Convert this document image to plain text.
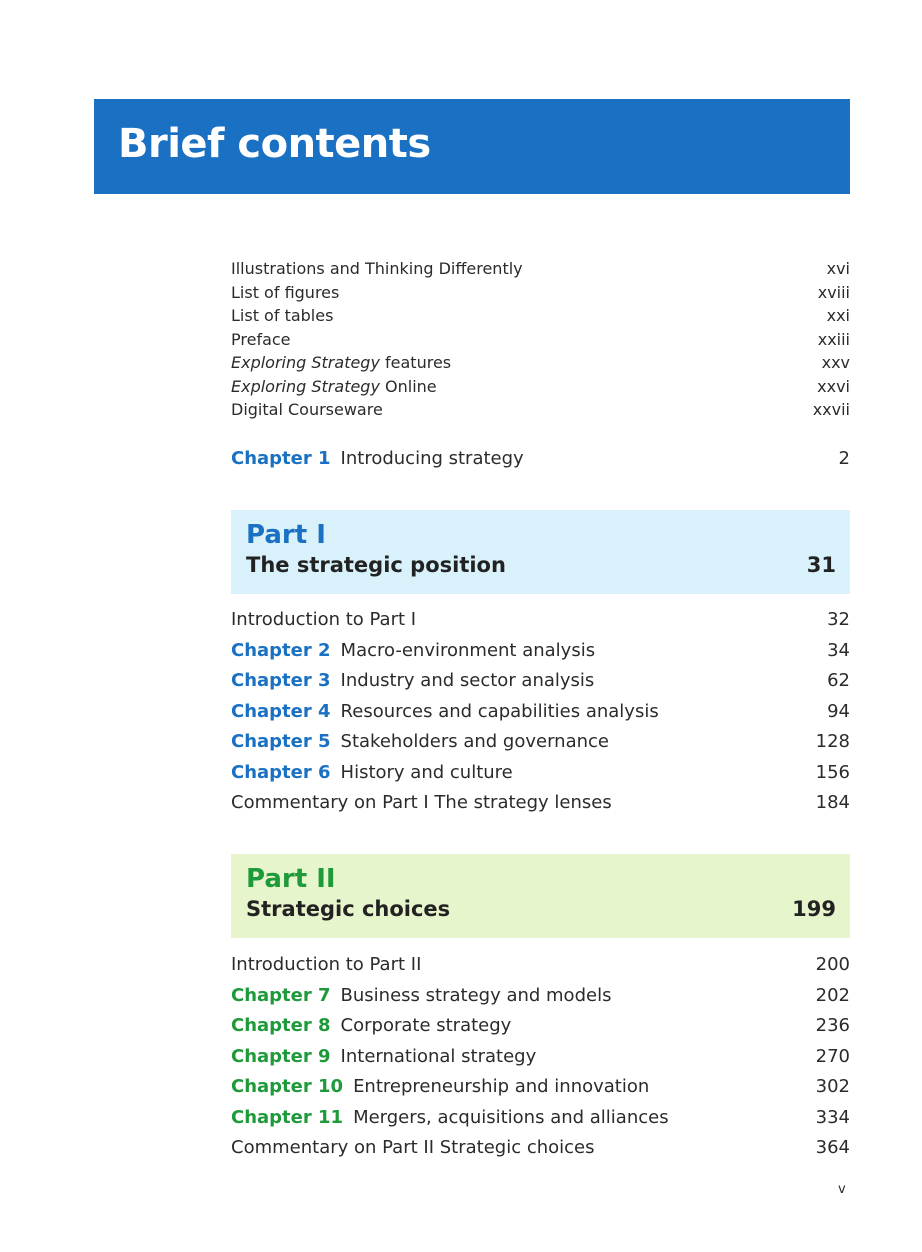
Brief contents
Illustrations and Thinking Differently	xvi
List of figures	xviii
List of tables	xxi
Preface	xxiii
Exploring Strategy features	xxv
Exploring Strategy Online	xxvi
Digital Courseware	xxvii
Chapter 1 Introducing strategy	2
Part I
The strategic position	31
Introduction to Part I	32
Chapter 2 Macro-environment analysis	34
Chapter 3 Industry and sector analysis	62
Chapter 4 Resources and capabilities analysis	94
Chapter 5 Stakeholders and governance	128
Chapter 6 History and culture	156
Commentary on Part I The strategy lenses	184
Part II
Strategic choices	199
Introduction to Part II	200
Chapter 7 Business strategy and models	202
Chapter 8 Corporate strategy	236
Chapter 9 International strategy	270
Chapter 10 Entrepreneurship and innovation	302
Chapter 11 Mergers, acquisitions and alliances	334
Commentary on Part II Strategic choices	364
v
